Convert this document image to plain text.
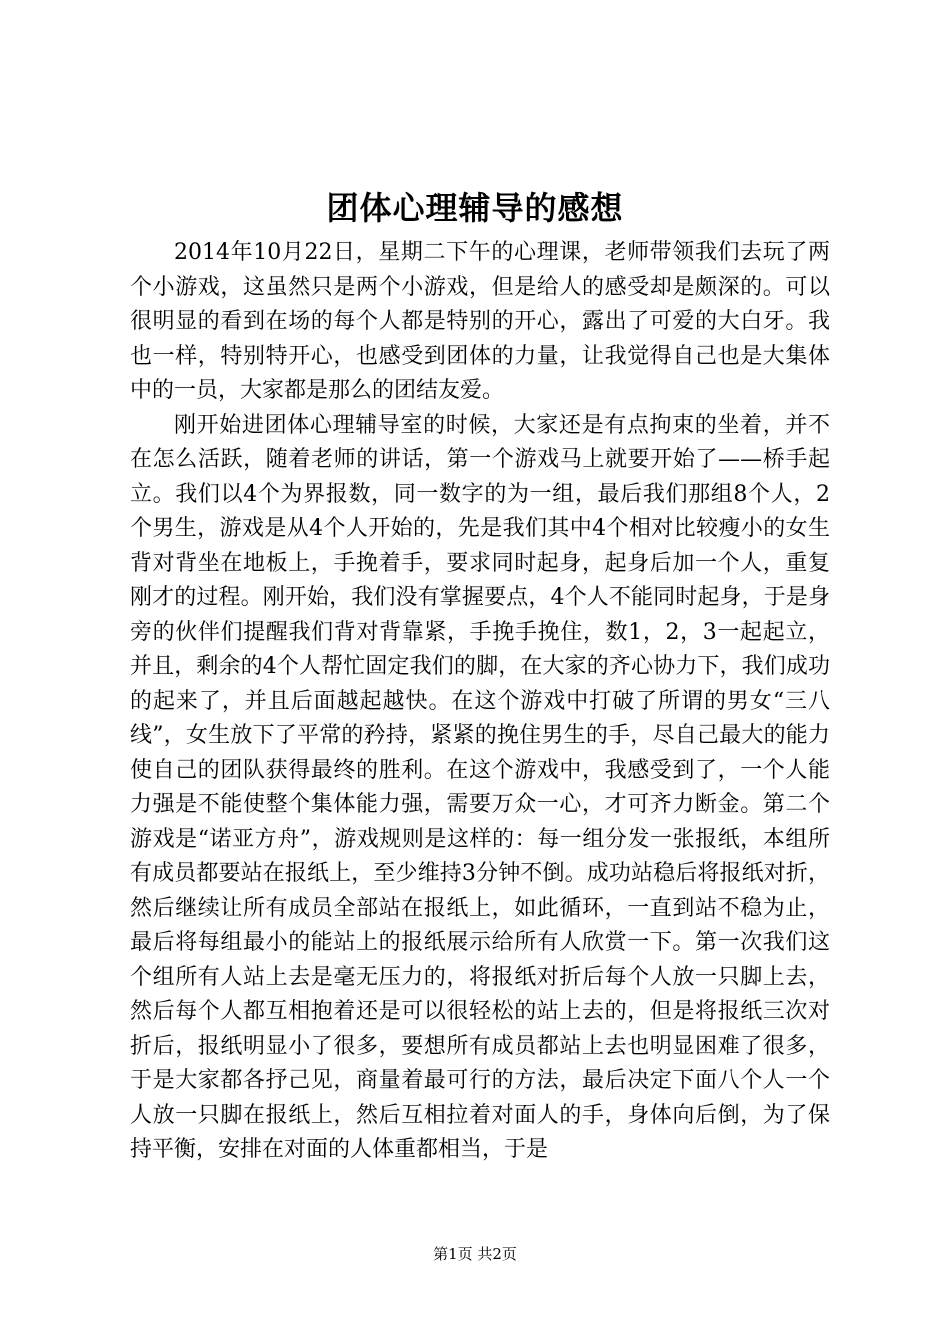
团体心理辅导的感想

2014年10月22日，星期二下午的心理课，老师带领我们去玩了两个小游戏，这虽然只是两个小游戏，但是给人的感受却是颇深的。可以很明显的看到在场的每个人都是特别的开心，露出了可爱的大白牙。我也一样，特别特开心，也感受到团体的力量，让我觉得自己也是大集体中的一员，大家都是那么的团结友爱。

刚开始进团体心理辅导室的时候，大家还是有点拘束的坐着，并不在怎么活跃，随着老师的讲话，第一个游戏马上就要开始了——桥手起立。我们以4个为界报数，同一数字的为一组，最后我们那组8个人，2个男生，游戏是从4个人开始的，先是我们其中4个相对比较瘦小的女生背对背坐在地板上，手挽着手，要求同时起身，起身后加一个人，重复刚才的过程。刚开始，我们没有掌握要点，4个人不能同时起身，于是身旁的伙伴们提醒我们背对背靠紧，手挽手挽住，数1，2，3一起起立，并且，剩余的4个人帮忙固定我们的脚，在大家的齐心协力下，我们成功的起来了，并且后面越起越快。在这个游戏中打破了所谓的男女“三八线”，女生放下了平常的矜持，紧紧的挽住男生的手，尽自己最大的能力使自己的团队获得最终的胜利。在这个游戏中，我感受到了，一个人能力强是不能使整个集体能力强，需要万众一心，才可齐力断金。第二个游戏是“诺亚方舟”，游戏规则是这样的：每一组分发一张报纸，本组所有成员都要站在报纸上，至少维持3分钟不倒。成功站稳后将报纸对折，然后继续让所有成员全部站在报纸上，如此循环，一直到站不稳为止，最后将每组最小的能站上的报纸展示给所有人欣赏一下。第一次我们这个组所有人站上去是毫无压力的，将报纸对折后每个人放一只脚上去，然后每个人都互相抱着还是可以很轻松的站上去的，但是将报纸三次对折后，报纸明显小了很多，要想所有成员都站上去也明显困难了很多，于是大家都各抒己见，商量着最可行的方法，最后决定下面八个人一个人放一只脚在报纸上，然后互相拉着对面人的手，身体向后倒，为了保持平衡，安排在对面的人体重都相当，于是

第1页 共2页
